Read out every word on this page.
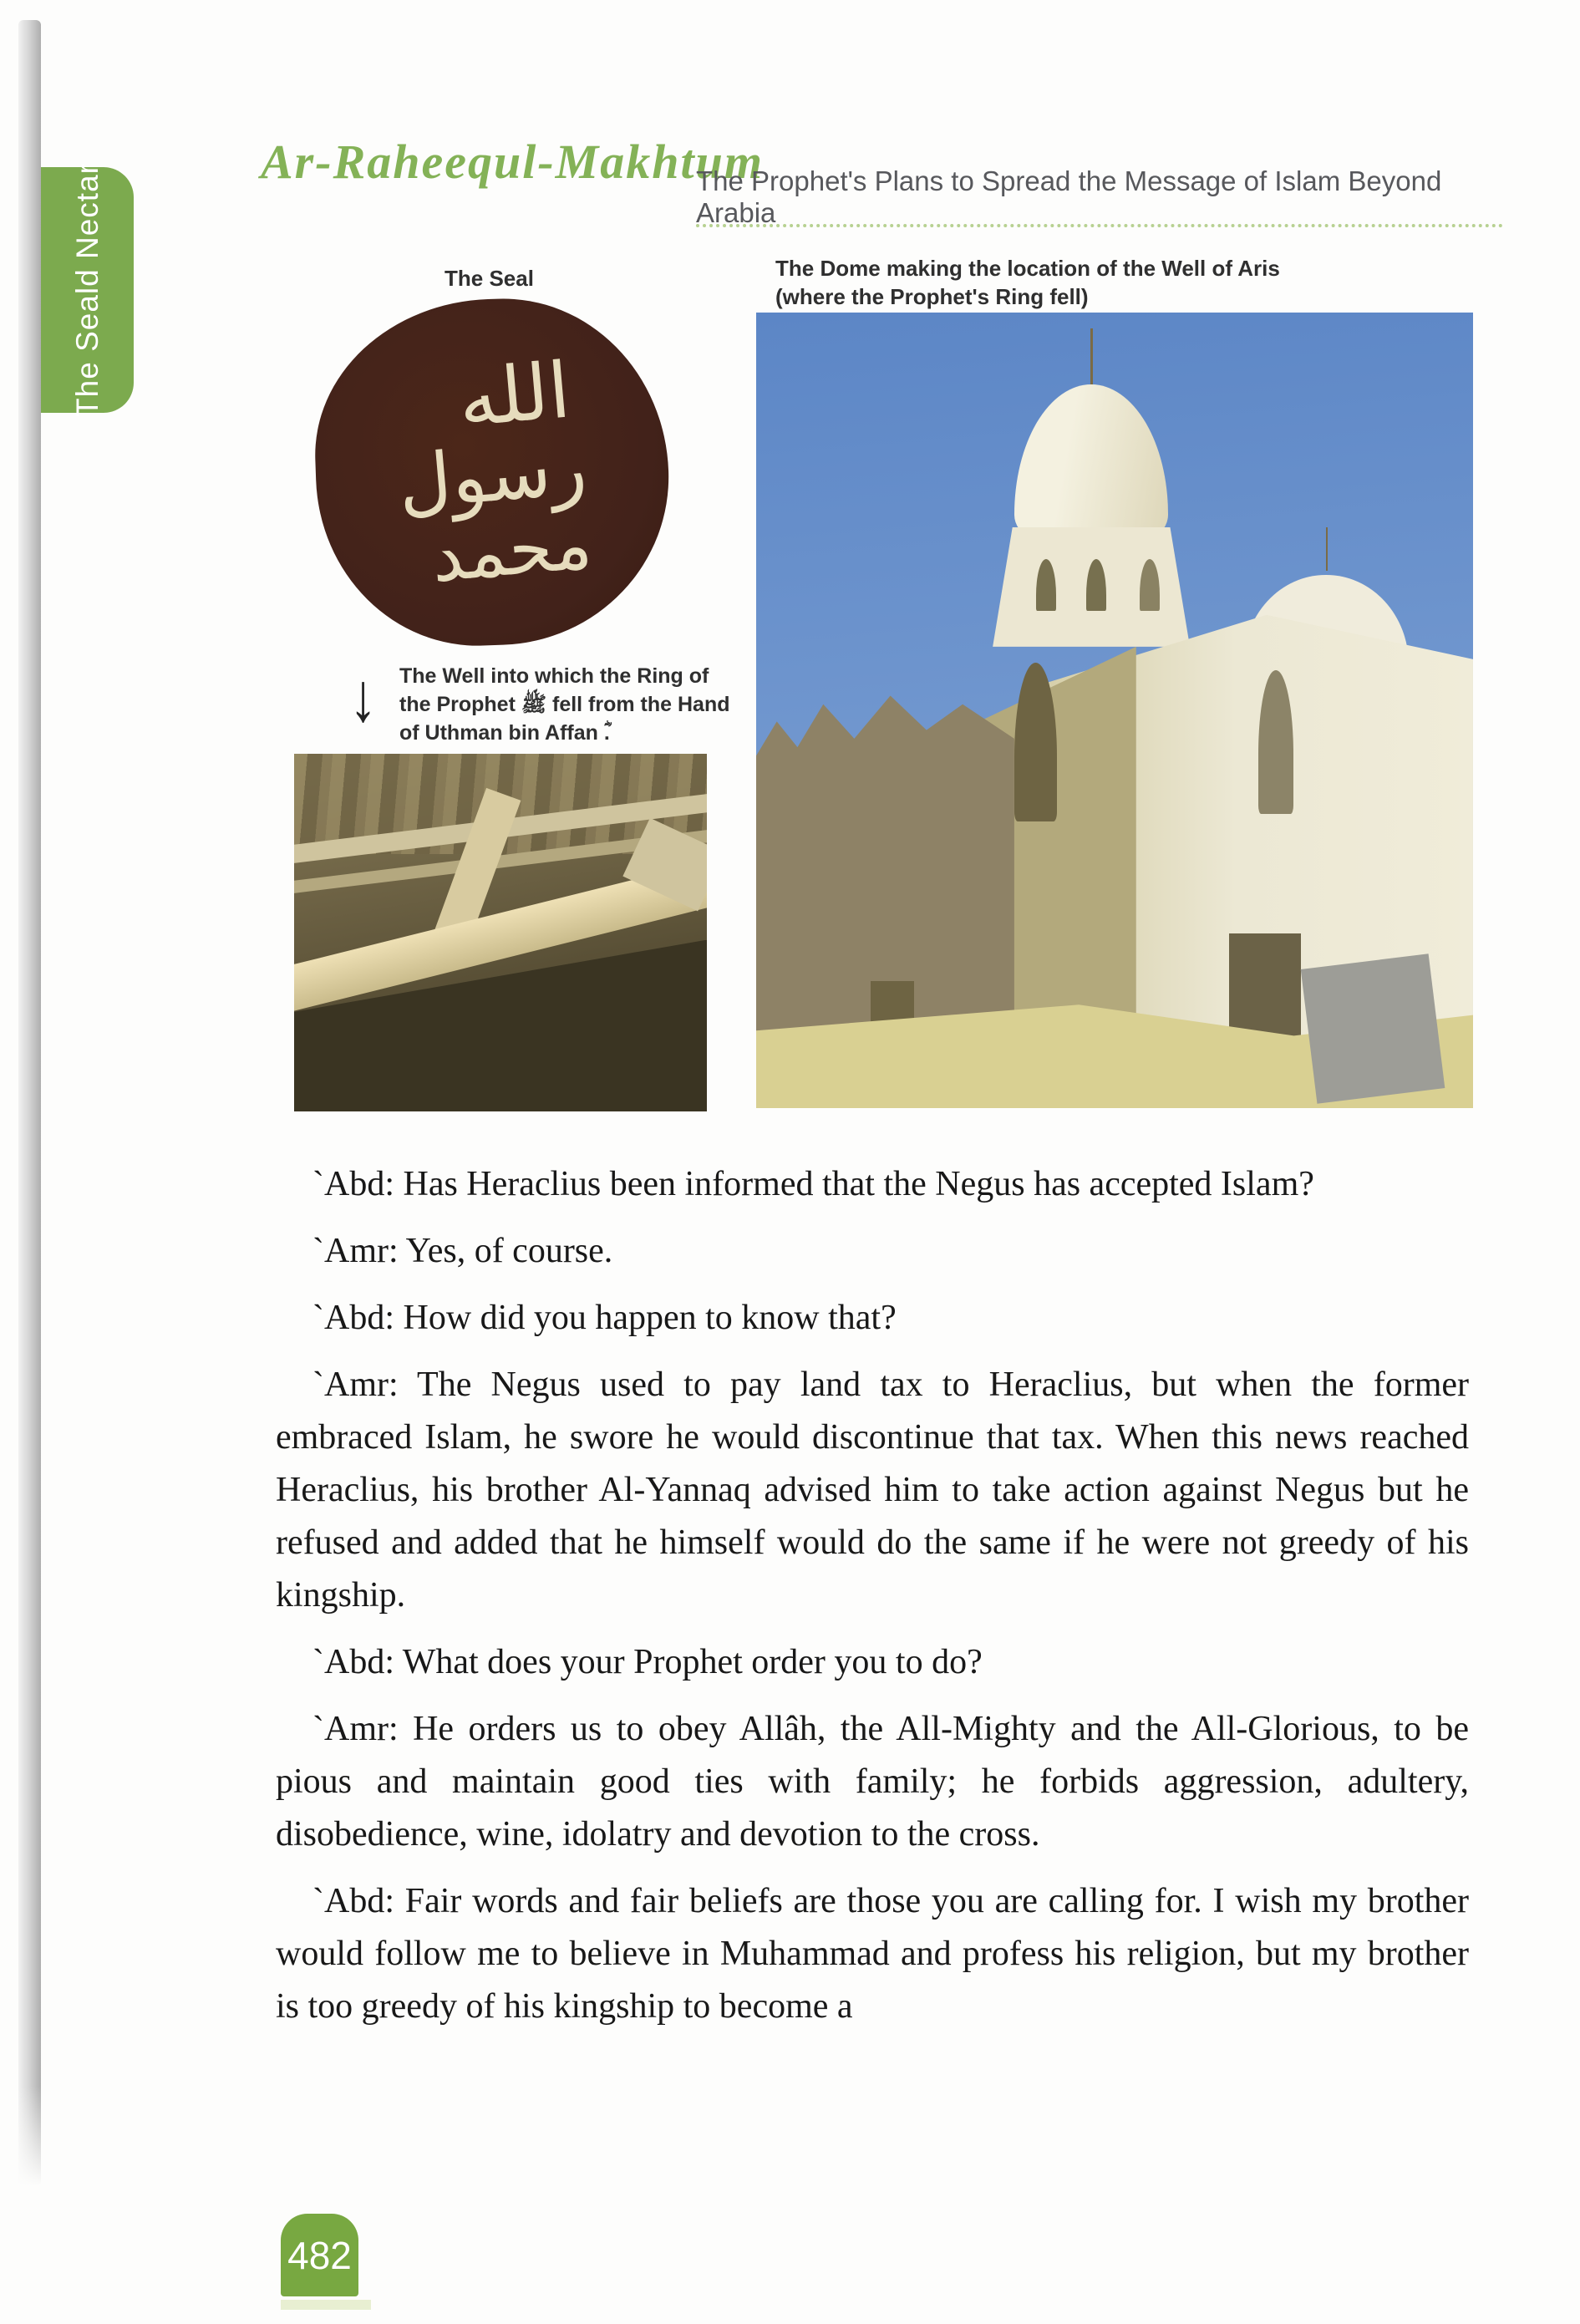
The Seald Nectar
Ar-Raheequl-Makhtum
The Prophet's Plans to Spread the Message of Islam Beyond Arabia
The Seal
الله
رسول
محمد
The Dome making the location of the Well of Aris
(where the Prophet's Ring fell)
↓ The Well into which the Ring of
the Prophet ﷺ fell from the Hand
of Uthman bin Affan ؓ.

`Abd: Has Heraclius been informed that the Negus has accepted Islam?

`Amr: Yes, of course.

`Abd: How did you happen to know that?

`Amr: The Negus used to pay land tax to Heraclius, but when the former embraced Islam, he swore he would discontinue that tax. When this news reached Heraclius, his brother Al-Yannaq advised him to take action against Negus but he refused and added that he himself would do the same if he were not greedy of his kingship.

`Abd: What does your Prophet order you to do?

`Amr: He orders us to obey Allâh, the All-Mighty and the All-Glorious, to be pious and maintain good ties with family; he forbids aggression, adultery, disobedience, wine, idolatry and devotion to the cross.

`Abd: Fair words and fair beliefs are those you are calling for. I wish my brother would follow me to believe in Muhammad and profess his religion, but my brother is too greedy of his kingship to become a

482
